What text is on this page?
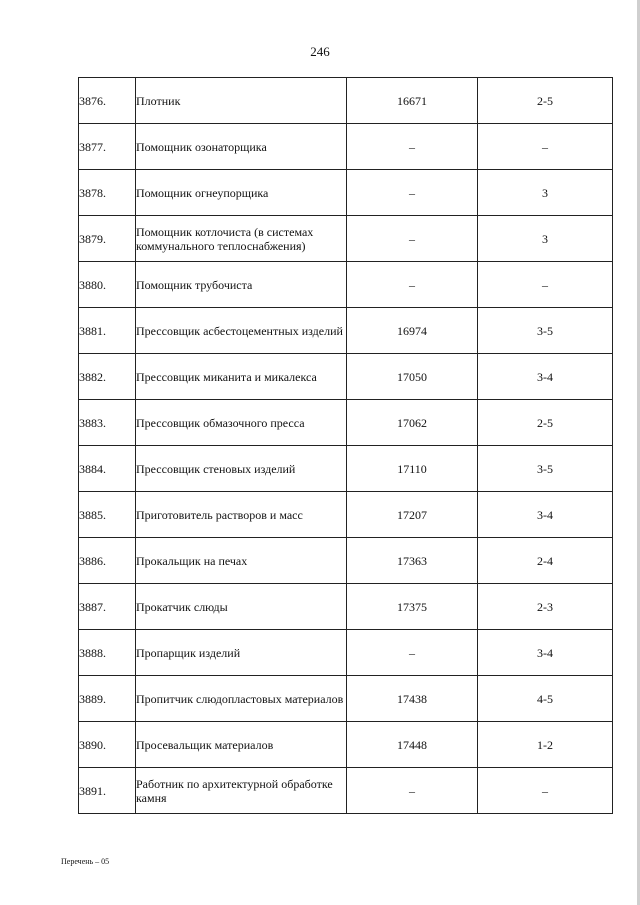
246
3876.	Плотник	16671	2-5
3877.	Помощник озонаторщика	–	–
3878.	Помощник огнеупорщика	–	3
3879.	Помощник котлочиста (в системах коммунального теплоснабжения)	–	3
3880.	Помощник трубочиста	–	–
3881.	Прессовщик асбестоцементных изделий	16974	3-5
3882.	Прессовщик миканита и микалекса	17050	3-4
3883.	Прессовщик обмазочного пресса	17062	2-5
3884.	Прессовщик стеновых изделий	17110	3-5
3885.	Приготовитель растворов и масс	17207	3-4
3886.	Прокальщик на печах	17363	2-4
3887.	Прокатчик слюды	17375	2-3
3888.	Пропарщик изделий	–	3-4
3889.	Пропитчик слюдопластовых материалов	17438	4-5
3890.	Просевальщик материалов	17448	1-2
3891.	Работник по архитектурной обработке камня	–	–
Перечень – 05
